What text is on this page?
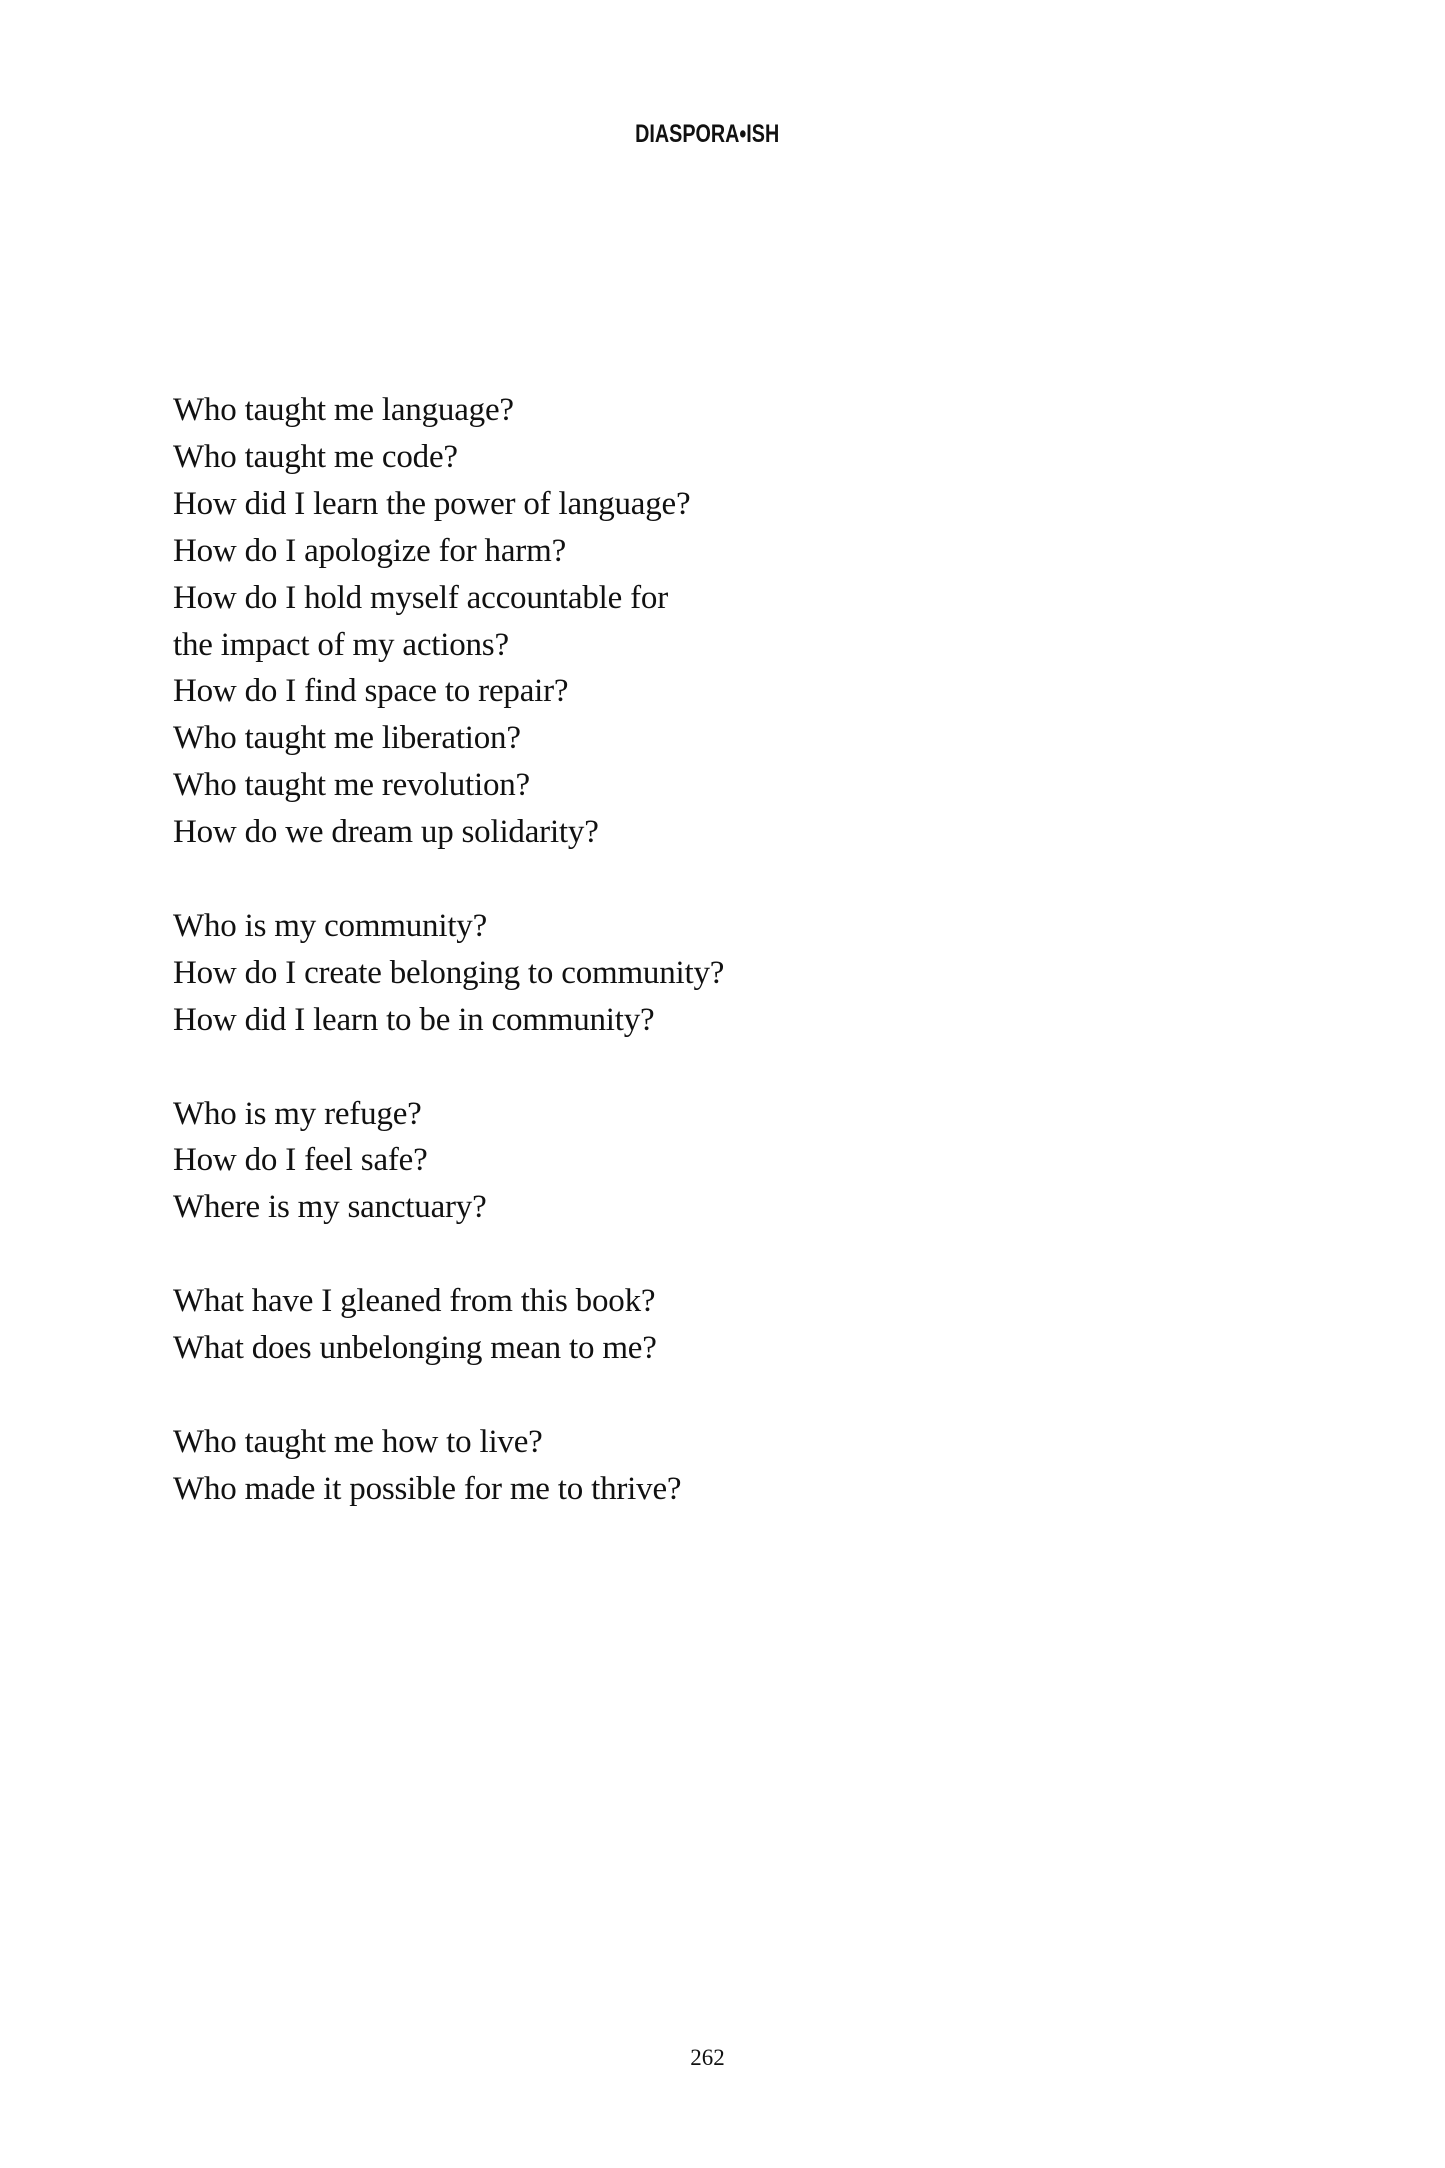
DIASPORA•ISH
Who taught me language?
Who taught me code?
How did I learn the power of language?
How do I apologize for harm?
How do I hold myself accountable for
the impact of my actions?
How do I find space to repair?
Who taught me liberation?
Who taught me revolution?
How do we dream up solidarity?
Who is my community?
How do I create belonging to community?
How did I learn to be in community?
Who is my refuge?
How do I feel safe?
Where is my sanctuary?
What have I gleaned from this book?
What does unbelonging mean to me?
Who taught me how to live?
Who made it possible for me to thrive?
262
